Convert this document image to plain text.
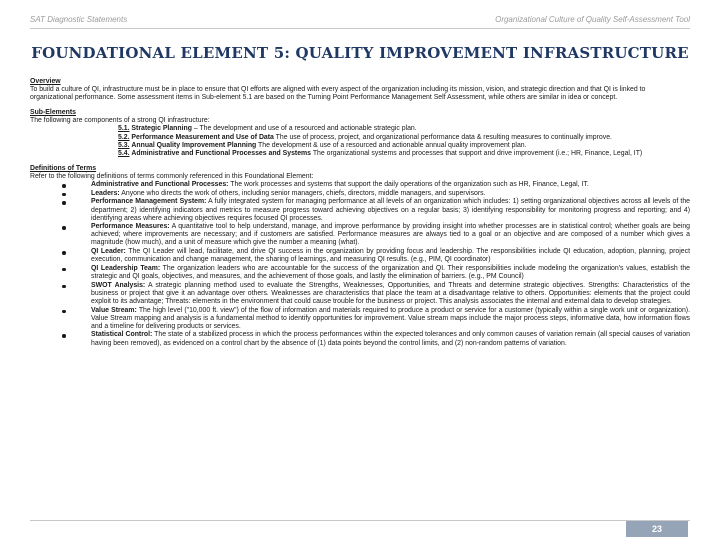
SAT Diagnostic Statements	Organizational Culture of Quality Self-Assessment Tool
FOUNDATIONAL ELEMENT 5: QUALITY IMPROVEMENT INFRASTRUCTURE
Overview

To build a culture of QI, infrastructure must be in place to ensure that QI efforts are aligned with every aspect of the organization including its mission, vision, and strategic direction and that QI is linked to organizational performance. Some assessment items in Sub-element 5.1 are based on the Turning Point Performance Management Self Assessment, while others are similar in idea or concept.

Sub-Elements

The following are components of a strong QI infrastructure:

5.1. Strategic Planning – The development and use of a resourced and actionable strategic plan.
5.2. Performance Measurement and Use of Data The use of process, project, and organizational performance data & resulting measures to continually improve.
5.3. Annual Quality Improvement Planning The development & use of a resourced and actionable annual quality improvement plan.
5.4. Administrative and Functional Processes and Systems The organizational systems and processes that support and drive improvement (i.e.; HR, Finance, Legal, IT)
Definitions of Terms

Refer to the following definitions of terms commonly referenced in this Foundational Element:

Administrative and Functional Processes: The work processes and systems that support the daily operations of the organization such as HR, Finance, Legal, IT.
Leaders: Anyone who directs the work of others, including senior managers, chiefs, directors, middle managers, and supervisors.
Performance Management System: A fully integrated system for managing performance at all levels of an organization which includes: 1) setting organizational objectives across all levels of the department; 2) identifying indicators and metrics to measure progress toward achieving objectives on a regular basis; 3) identifying responsibility for monitoring progress and reporting; and 4) identifying areas where achieving objectives requires focused QI processes.
Performance Measures: A quantitative tool to help understand, manage, and improve performance by providing insight into whether processes are in statistical control; whether goals are being achieved; where improvements are necessary; and if customers are satisfied. Performance measures are always tied to a goal or an objective and are composed of a number which gives a magnitude (how much), and a unit of measure which give the number a meaning (what).
QI Leader: The QI Leader will lead, facilitate, and drive QI success in the organization by providing focus and leadership. The responsibilities include QI education, adoption, planning, project execution, communication and change management, the sharing of learnings, and measuring QI results. (e.g., PIM, QI coordinator)
QI Leadership Team: The organization leaders who are accountable for the success of the organization and QI. Their responsibilities include modeling the organization's values, establish the strategic and QI goals, objectives, and measures, and the achievement of those goals, and lastly the elimination of barriers. (e.g., PM Council)
SWOT Analysis: A strategic planning method used to evaluate the Strengths, Weaknesses, Opportunities, and Threats and determine strategic objectives. Strengths: Characteristics of the business or project that give it an advantage over others. Weaknesses are characteristics that place the team at a disadvantage relative to others. Opportunities: elements that the project could exploit to its advantage; Threats: elements in the environment that could cause trouble for the business or project. This analysis associates the internal and external data to develop strategies.
Value Stream: The high level ("10,000 ft. view") of the flow of information and materials required to produce a product or service for a customer (typically within a single work unit or organization). Value Stream mapping and analysis is a fundamental method to identify opportunities for improvement. Value stream maps include the major process steps, informative data, how information flows and a timeline for delivering products or services.
Statistical Control: The state of a stabilized process in which the process performances within the expected tolerances and only common causes of variation remain (all special causes of variation having been removed), as evidenced on a control chart by the absence of (1) data points beyond the control limits, and (2) non-random patterns of variation.
23
